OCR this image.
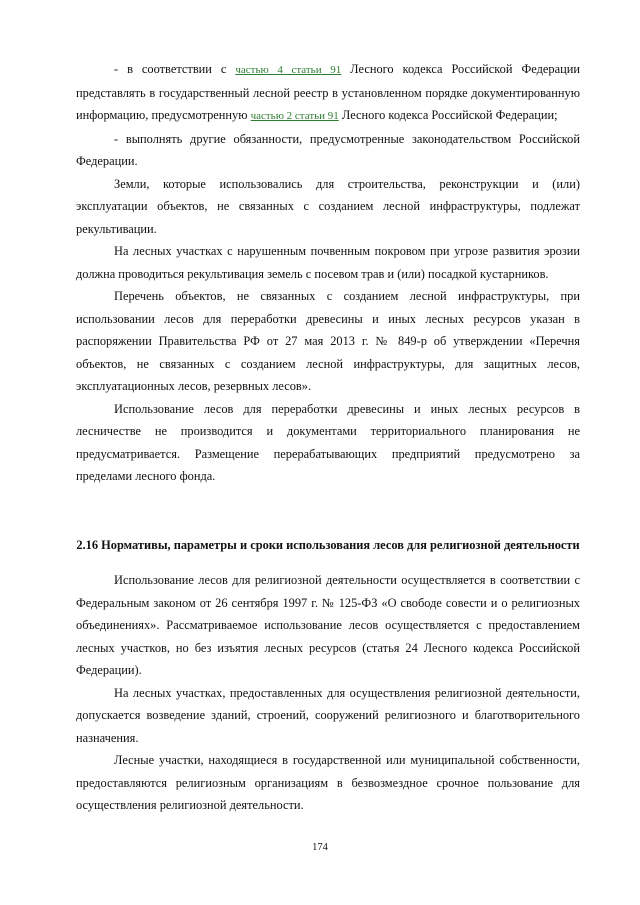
- в соответствии с частью 4 статьи 91 Лесного кодекса Российской Федерации представлять в государственный лесной реестр в установленном порядке документированную информацию, предусмотренную частью 2 статьи 91 Лесного кодекса Российской Федерации;

- выполнять другие обязанности, предусмотренные законодательством Российской Федерации.

Земли, которые использовались для строительства, реконструкции и (или) эксплуатации объектов, не связанных с созданием лесной инфраструктуры, подлежат рекультивации.

На лесных участках с нарушенным почвенным покровом при угрозе развития эрозии должна проводиться рекультивация земель с посевом трав и (или) посадкой кустарников.

Перечень объектов, не связанных с созданием лесной инфраструктуры, при использовании лесов для переработки древесины и иных лесных ресурсов указан в распоряжении Правительства РФ от 27 мая 2013 г. № 849-р об утверждении «Перечня объектов, не связанных с созданием лесной инфраструктуры, для защитных лесов, эксплуатационных лесов, резервных лесов».

Использование лесов для переработки древесины и иных лесных ресурсов в лесничестве не производится и документами территориального планирования не предусматривается. Размещение перерабатывающих предприятий предусмотрено за пределами лесного фонда.

2.16 Нормативы, параметры и сроки использования лесов для религиозной деятельности

Использование лесов для религиозной деятельности осуществляется в соответствии с Федеральным законом от 26 сентября 1997 г. № 125-ФЗ «О свободе совести и о религиозных объединениях». Рассматриваемое использование лесов осуществляется с предоставлением лесных участков, но без изъятия лесных ресурсов (статья 24 Лесного кодекса Российской Федерации).

На лесных участках, предоставленных для осуществления религиозной деятельности, допускается возведение зданий, строений, сооружений религиозного и благотворительного назначения.

Лесные участки, находящиеся в государственной или муниципальной собственности, предоставляются религиозным организациям в безвозмездное срочное пользование для осуществления религиозной деятельности.

174
